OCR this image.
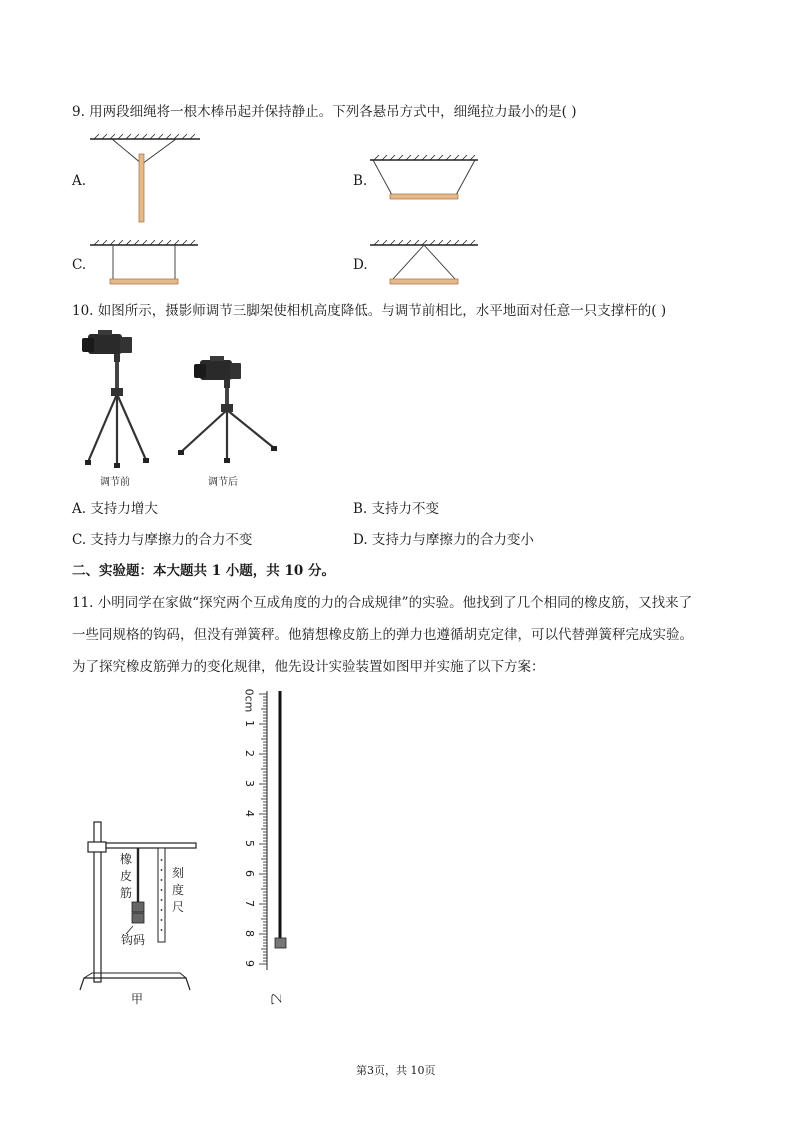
9. 用两段细绳将一根木棒吊起并保持静止。下列各悬吊方式中，细绳拉力最小的是( )
A.	B.
C.	D.
10. 如图所示，摄影师调节三脚架使相机高度降低。与调节前相比，水平地面对任意一只支撑杆的( )
调节前	调节后
A. 支持力增大	B. 支持力不变
C. 支持力与摩擦力的合力不变	D. 支持力与摩擦力的合力变小
二、实验题：本大题共 1 小题，共 10 分。
11. 小明同学在家做“探究两个互成角度的力的合成规律”的实验。他找到了几个相同的橡皮筋，又找来了
一些同规格的钩码，但没有弹簧秤。他猜想橡皮筋上的弹力也遵循胡克定律，可以代替弹簧秤完成实验。
为了探究橡皮筋弹力的变化规律，他先设计实验装置如图甲并实施了以下方案：
橡
皮
筋
刻
度
尺
钩码
甲
0cm
1
2
3
4
5
6
7
8
9
乙
第3页，共 10页
